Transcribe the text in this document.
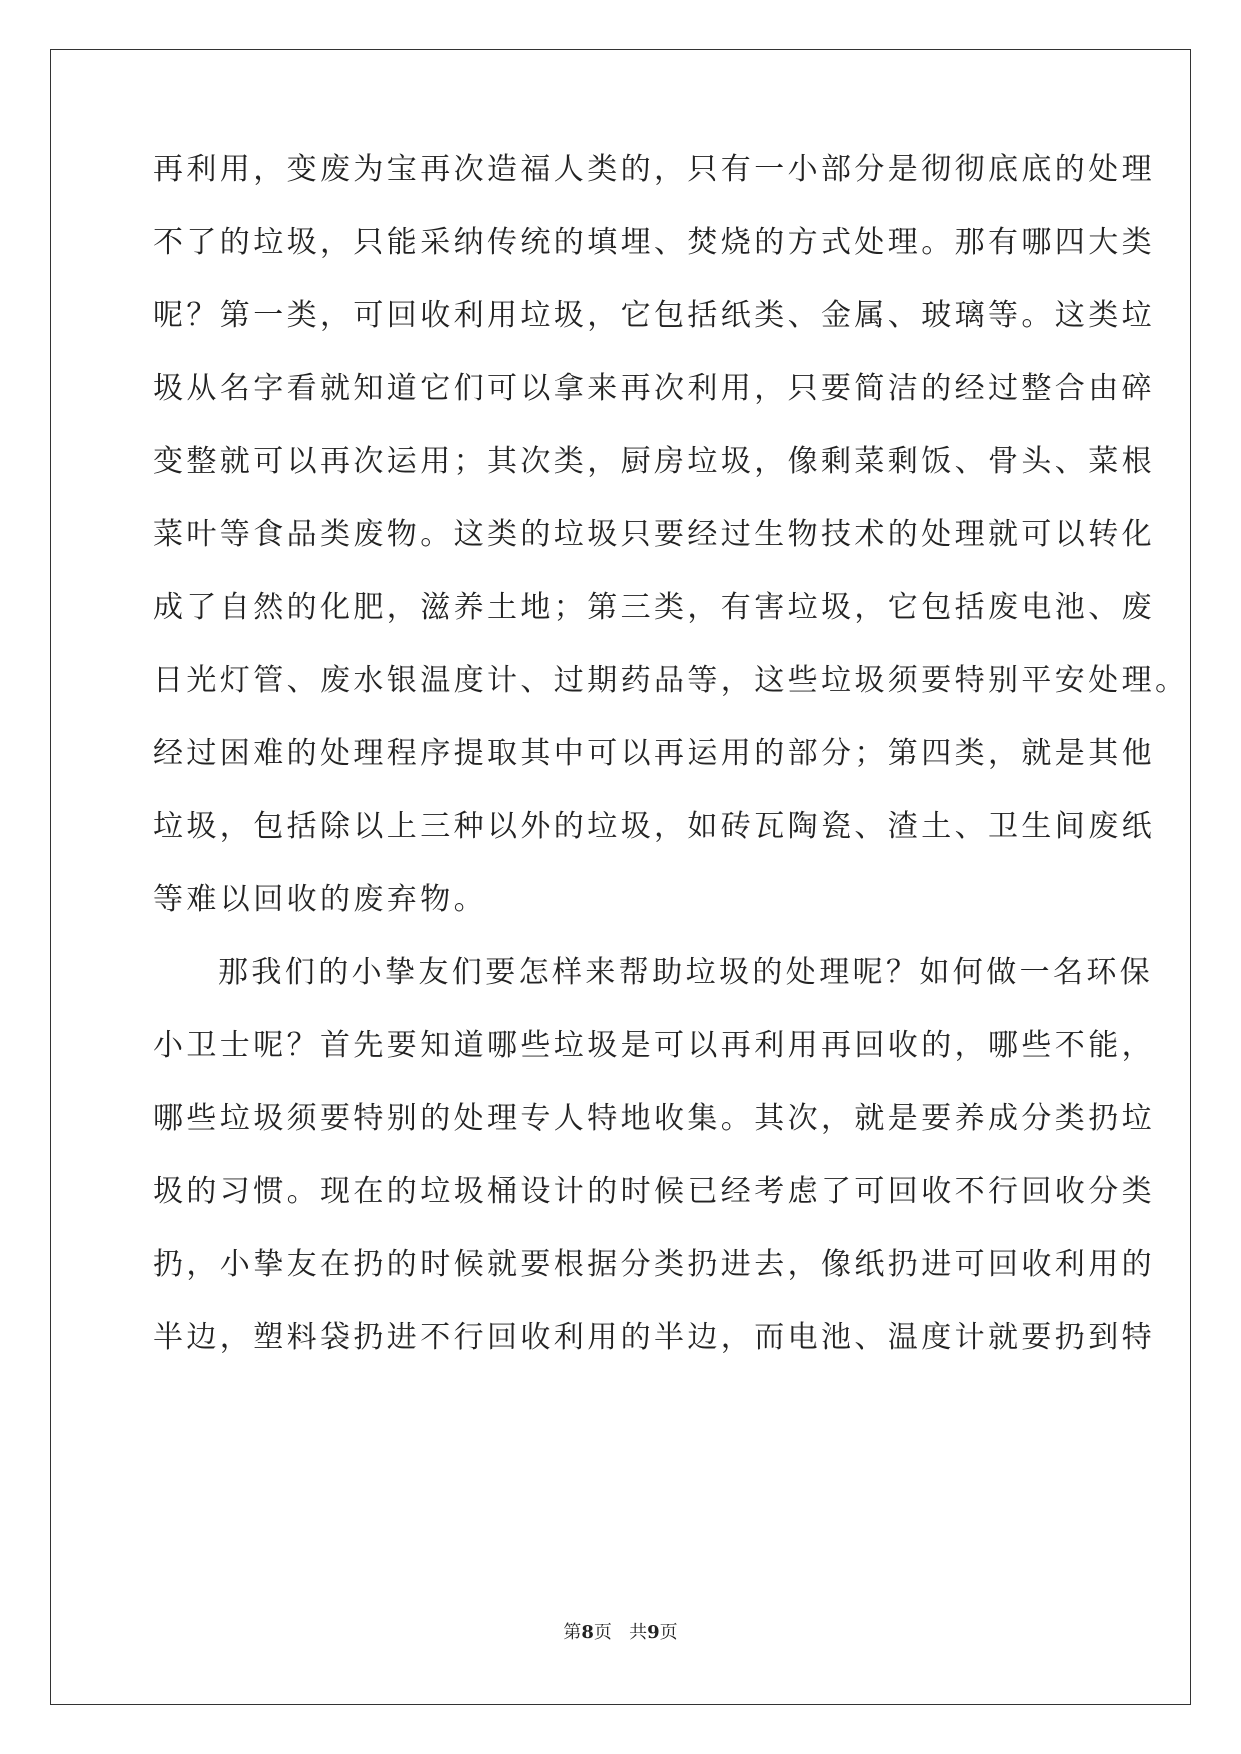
再利用，变废为宝再次造福人类的，只有一小部分是彻彻底底的处理
不了的垃圾，只能采纳传统的填埋、焚烧的方式处理。那有哪四大类
呢？第一类，可回收利用垃圾，它包括纸类、金属、玻璃等。这类垃
圾从名字看就知道它们可以拿来再次利用，只要简洁的经过整合由碎
变整就可以再次运用；其次类，厨房垃圾，像剩菜剩饭、骨头、菜根
菜叶等食品类废物。这类的垃圾只要经过生物技术的处理就可以转化
成了自然的化肥，滋养土地；第三类，有害垃圾，它包括废电池、废
日光灯管、废水银温度计、过期药品等，这些垃圾须要特别平安处理。
经过困难的处理程序提取其中可以再运用的部分；第四类，就是其他
垃圾，包括除以上三种以外的垃圾，如砖瓦陶瓷、渣土、卫生间废纸
等难以回收的废弃物。
那我们的小挚友们要怎样来帮助垃圾的处理呢？如何做一名环保
小卫士呢？首先要知道哪些垃圾是可以再利用再回收的，哪些不能，
哪些垃圾须要特别的处理专人特地收集。其次，就是要养成分类扔垃
圾的习惯。现在的垃圾桶设计的时候已经考虑了可回收不行回收分类
扔，小挚友在扔的时候就要根据分类扔进去，像纸扔进可回收利用的
半边，塑料袋扔进不行回收利用的半边，而电池、温度计就要扔到特
第8页 共9页
